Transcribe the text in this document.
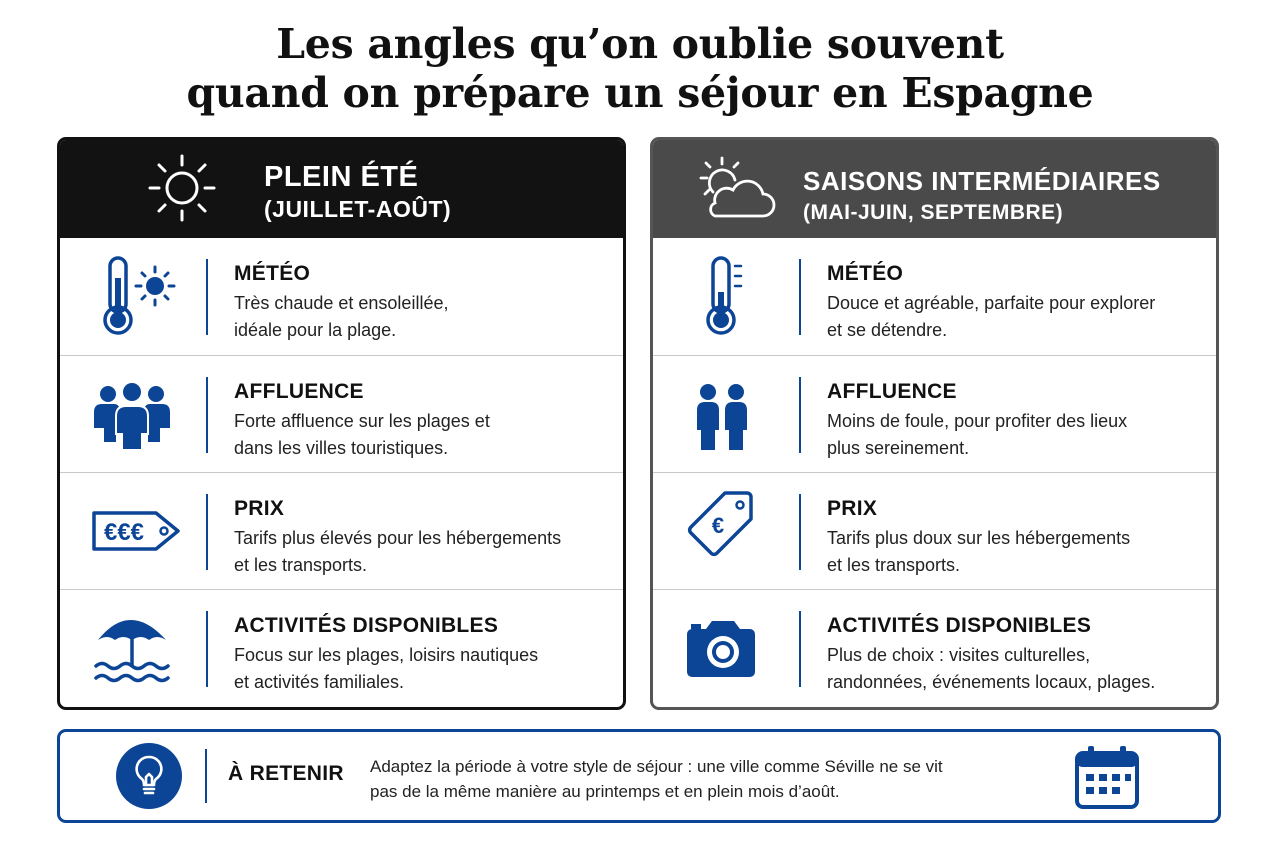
Les angles qu’on oublie souvent
quand on prépare un séjour en Espagne
PLEIN ÉTÉ
(JUILLET-AOÛT)
MÉTÉO
Très chaude et ensoleillée,
idéale pour la plage.
AFFLUENCE
Forte affluence sur les plages et
dans les villes touristiques.
€€€
PRIX
Tarifs plus élevés pour les hébergements
et les transports.
ACTIVITÉS DISPONIBLES
Focus sur les plages, loisirs nautiques
et activités familiales.
SAISONS INTERMÉDIAIRES
(MAI-JUIN, SEPTEMBRE)
MÉTÉO
Douce et agréable, parfaite pour explorer
et se détendre.
AFFLUENCE
Moins de foule, pour profiter des lieux
plus sereinement.
€
PRIX
Tarifs plus doux sur les hébergements
et les transports.
ACTIVITÉS DISPONIBLES
Plus de choix : visites culturelles,
randonnées, événements locaux, plages.
À RETENIR Adaptez la période à votre style de séjour : une ville comme Séville ne se vit
pas de la même manière au printemps et en plein mois d’août.
